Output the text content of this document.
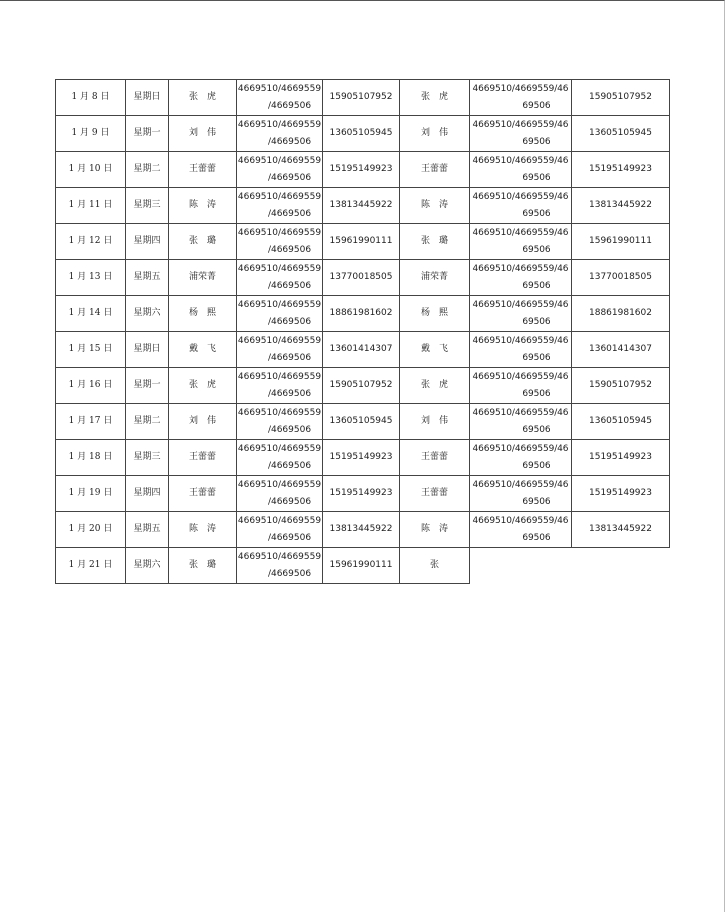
1 月 8 日	星期日	张　虎	4669510/4669559
/4669506	15905107952	张　虎	4669510/4669559/46
69506	15905107952
1 月 9 日	星期一	刘　伟	4669510/4669559
/4669506	13605105945	刘　伟	4669510/4669559/46
69506	13605105945
1 月 10 日	星期二	王蕾蕾	4669510/4669559
/4669506	15195149923	王蕾蕾	4669510/4669559/46
69506	15195149923
1 月 11 日	星期三	陈　涛	4669510/4669559
/4669506	13813445922	陈　涛	4669510/4669559/46
69506	13813445922
1 月 12 日	星期四	张　璐	4669510/4669559
/4669506	15961990111	张　璐	4669510/4669559/46
69506	15961990111
1 月 13 日	星期五	浦荣菁	4669510/4669559
/4669506	13770018505	浦荣菁	4669510/4669559/46
69506	13770018505
1 月 14 日	星期六	杨　熙	4669510/4669559
/4669506	18861981602	杨　熙	4669510/4669559/46
69506	18861981602
1 月 15 日	星期日	戴　飞	4669510/4669559
/4669506	13601414307	戴　飞	4669510/4669559/46
69506	13601414307
1 月 16 日	星期一	张　虎	4669510/4669559
/4669506	15905107952	张　虎	4669510/4669559/46
69506	15905107952
1 月 17 日	星期二	刘　伟	4669510/4669559
/4669506	13605105945	刘　伟	4669510/4669559/46
69506	13605105945
1 月 18 日	星期三	王蕾蕾	4669510/4669559
/4669506	15195149923	王蕾蕾	4669510/4669559/46
69506	15195149923
1 月 19 日	星期四	王蕾蕾	4669510/4669559
/4669506	15195149923	王蕾蕾	4669510/4669559/46
69506	15195149923
1 月 20 日	星期五	陈　涛	4669510/4669559
/4669506	13813445922	陈　涛	4669510/4669559/46
69506	13813445922
1 月 21 日	星期六	张　璐	4669510/4669559
/4669506	15961990111	张		
